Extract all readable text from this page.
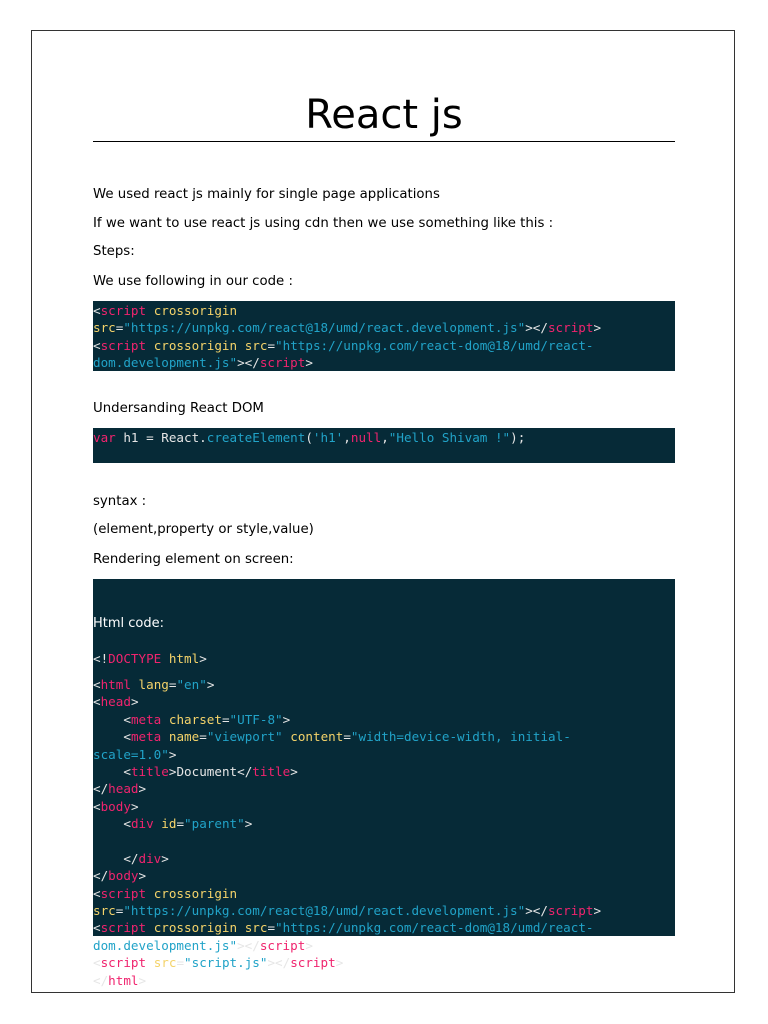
React js

We used react js mainly for single page applications

If we want to use react js using cdn then we use something like this :

Steps:

We use following in our code :

<script crossorigin
src="https://unpkg.com/react@18/umd/react.development.js"></script>
<script crossorigin src="https://unpkg.com/react-dom@18/umd/react-
dom.development.js"></script>

Undersanding React DOM

var h1 = React.createElement('h1',null,"Hello Shivam !");

syntax :

(element,property or style,value)

Rendering element on screen:

Html code:

<!DOCTYPE html>
<html lang="en">
<head>
<meta charset="UTF-8">
<meta name="viewport" content="width=device-width, initial-
scale=1.0">
<title>Document</title>
</head>
<body>
<div id="parent">

</div>
</body>
<script crossorigin
src="https://unpkg.com/react@18/umd/react.development.js"></script>
<script crossorigin src="https://unpkg.com/react-dom@18/umd/react-
dom.development.js"></script>
<script src="script.js"></script>
</html>
